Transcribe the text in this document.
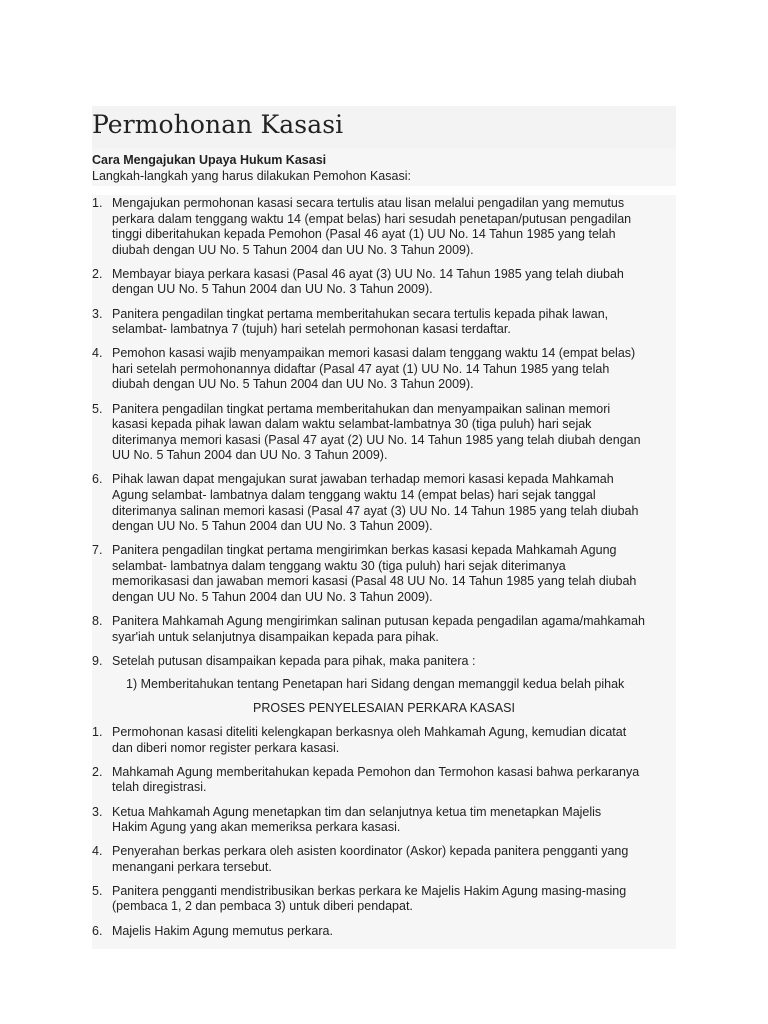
Permohonan Kasasi
Cara Mengajukan Upaya Hukum Kasasi
Langkah-langkah yang harus dilakukan Pemohon Kasasi:
1. Mengajukan permohonan kasasi secara tertulis atau lisan melalui pengadilan yang memutus
perkara dalam tenggang waktu 14 (empat belas) hari sesudah penetapan/putusan pengadilan
tinggi diberitahukan kepada Pemohon (Pasal 46 ayat (1) UU No. 14 Tahun 1985 yang telah
diubah dengan UU No. 5 Tahun 2004 dan UU No. 3 Tahun 2009).
2. Membayar biaya perkara kasasi (Pasal 46 ayat (3) UU No. 14 Tahun 1985 yang telah diubah
dengan UU No. 5 Tahun 2004 dan UU No. 3 Tahun 2009).
3. Panitera pengadilan tingkat pertama memberitahukan secara tertulis kepada pihak lawan,
selambat- lambatnya 7 (tujuh) hari setelah permohonan kasasi terdaftar.
4. Pemohon kasasi wajib menyampaikan memori kasasi dalam tenggang waktu 14 (empat belas)
hari setelah permohonannya didaftar (Pasal 47 ayat (1) UU No. 14 Tahun 1985 yang telah
diubah dengan UU No. 5 Tahun 2004 dan UU No. 3 Tahun 2009).
5. Panitera pengadilan tingkat pertama memberitahukan dan menyampaikan salinan memori
kasasi kepada pihak lawan dalam waktu selambat-lambatnya 30 (tiga puluh) hari sejak
diterimanya memori kasasi (Pasal 47 ayat (2) UU No. 14 Tahun 1985 yang telah diubah dengan
UU No. 5 Tahun 2004 dan UU No. 3 Tahun 2009).
6. Pihak lawan dapat mengajukan surat jawaban terhadap memori kasasi kepada Mahkamah
Agung selambat- lambatnya dalam tenggang waktu 14 (empat belas) hari sejak tanggal
diterimanya salinan memori kasasi (Pasal 47 ayat (3) UU No. 14 Tahun 1985 yang telah diubah
dengan UU No. 5 Tahun 2004 dan UU No. 3 Tahun 2009).
7. Panitera pengadilan tingkat pertama mengirimkan berkas kasasi kepada Mahkamah Agung
selambat- lambatnya dalam tenggang waktu 30 (tiga puluh) hari sejak diterimanya
memorikasasi dan jawaban memori kasasi (Pasal 48 UU No. 14 Tahun 1985 yang telah diubah
dengan UU No. 5 Tahun 2004 dan UU No. 3 Tahun 2009).
8. Panitera Mahkamah Agung mengirimkan salinan putusan kepada pengadilan agama/mahkamah
syar'iah untuk selanjutnya disampaikan kepada para pihak.
9. Setelah putusan disampaikan kepada para pihak, maka panitera :
1) Memberitahukan tentang Penetapan hari Sidang dengan memanggil kedua belah pihak
PROSES PENYELESAIAN PERKARA KASASI
1. Permohonan kasasi diteliti kelengkapan berkasnya oleh Mahkamah Agung, kemudian dicatat
dan diberi nomor register perkara kasasi.
2. Mahkamah Agung memberitahukan kepada Pemohon dan Termohon kasasi bahwa perkaranya
telah diregistrasi.
3. Ketua Mahkamah Agung menetapkan tim dan selanjutnya ketua tim menetapkan Majelis
Hakim Agung yang akan memeriksa perkara kasasi.
4. Penyerahan berkas perkara oleh asisten koordinator (Askor) kepada panitera pengganti yang
menangani perkara tersebut.
5. Panitera pengganti mendistribusikan berkas perkara ke Majelis Hakim Agung masing-masing
(pembaca 1, 2 dan pembaca 3) untuk diberi pendapat.
6. Majelis Hakim Agung memutus perkara.
